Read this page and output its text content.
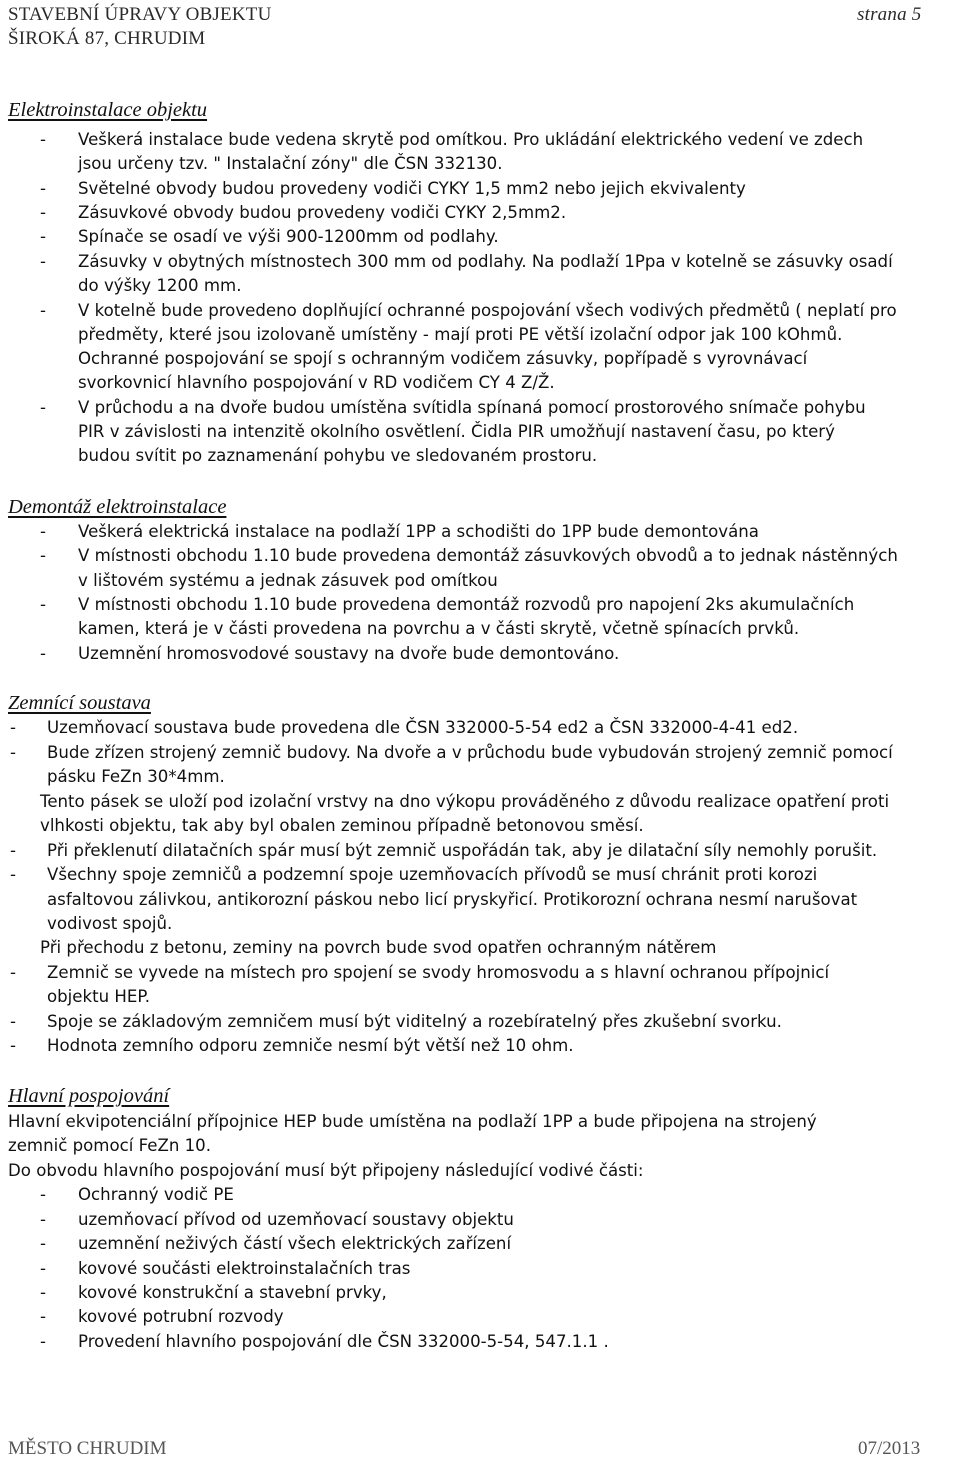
STAVEBNÍ ÚPRAVY OBJEKTU
ŠIROKÁ 87, CHRUDIM
strana 5
Elektroinstalace objektu
- Veškerá instalace bude vedena skrytě pod omítkou. Pro ukládání elektrického vedení ve zdech
jsou určeny tzv. " Instalační zóny" dle ČSN 332130.
- Světelné obvody budou provedeny vodiči CYKY 1,5 mm2 nebo jejich ekvivalenty
- Zásuvkové obvody budou provedeny vodiči CYKY 2,5mm2.
- Spínače se osadí ve výši 900-1200mm od podlahy.
- Zásuvky v obytných místnostech 300 mm od podlahy. Na podlaží 1Ppa v kotelně se zásuvky osadí
do výšky 1200 mm.
- V kotelně bude provedeno doplňující ochranné pospojování všech vodivých předmětů ( neplatí pro
předměty, které jsou izolovaně umístěny - mají proti PE větší izolační odpor jak 100 kOhmů.
Ochranné pospojování se spojí s ochranným vodičem zásuvky, popřípadě s vyrovnávací
svorkovnicí hlavního pospojování v RD vodičem CY 4 Z/Ž.
- V průchodu a na dvoře budou umístěna svítidla spínaná pomocí prostorového snímače pohybu
PIR v závislosti na intenzitě okolního osvětlení. Čidla PIR umožňují nastavení času, po který
budou svítit po zaznamenání pohybu ve sledovaném prostoru.
Demontáž elektroinstalace
- Veškerá elektrická instalace na podlaží 1PP a schodišti do 1PP bude demontována
- V místnosti obchodu 1.10 bude provedena demontáž zásuvkových obvodů a to jednak nástěnných
v lištovém systému a jednak zásuvek pod omítkou
- V místnosti obchodu 1.10 bude provedena demontáž rozvodů pro napojení 2ks akumulačních
kamen, která je v části provedena na povrchu a v části skrytě, včetně spínacích prvků.
- Uzemnění hromosvodové soustavy na dvoře bude demontováno.
Zemnící soustava
- Uzemňovací soustava bude provedena dle ČSN 332000-5-54 ed2 a ČSN 332000-4-41 ed2.
- Bude zřízen strojený zemnič budovy. Na dvoře a v průchodu bude vybudován strojený zemnič pomocí
pásku FeZn 30*4mm.
Tento pásek se uloží pod izolační vrstvy na dno výkopu prováděného z důvodu realizace opatření proti
vlhkosti objektu, tak aby byl obalen zeminou případně betonovou směsí.
- Při překlenutí dilatačních spár musí být zemnič uspořádán tak, aby je dilatační síly nemohly porušit.
- Všechny spoje zemničů a podzemní spoje uzemňovacích přívodů se musí chránit proti korozi
asfaltovou zálivkou, antikorozní páskou nebo licí pryskyřicí. Protikorozní ochrana nesmí narušovat
vodivost spojů.
Při přechodu z betonu, zeminy na povrch bude svod opatřen ochranným nátěrem
- Zemnič se vyvede na místech pro spojení se svody hromosvodu a s hlavní ochranou přípojnicí
objektu HEP.
- Spoje se základovým zemničem musí být viditelný a rozebíratelný přes zkušební svorku.
- Hodnota zemního odporu zemniče nesmí být větší než 10 ohm.
Hlavní pospojování
Hlavní ekvipotenciální přípojnice HEP bude umístěna na podlaží 1PP a bude připojena na strojený
zemnič pomocí FeZn 10.
Do obvodu hlavního pospojování musí být připojeny následující vodivé části:
- Ochranný vodič PE
- uzemňovací přívod od uzemňovací soustavy objektu
- uzemnění neživých částí všech elektrických zařízení
- kovové součásti elektroinstalačních tras
- kovové konstrukční a stavební prvky,
- kovové potrubní rozvody
- Provedení hlavního pospojování dle ČSN 332000-5-54, 547.1.1 .
MĚSTO CHRUDIM	07/2013
